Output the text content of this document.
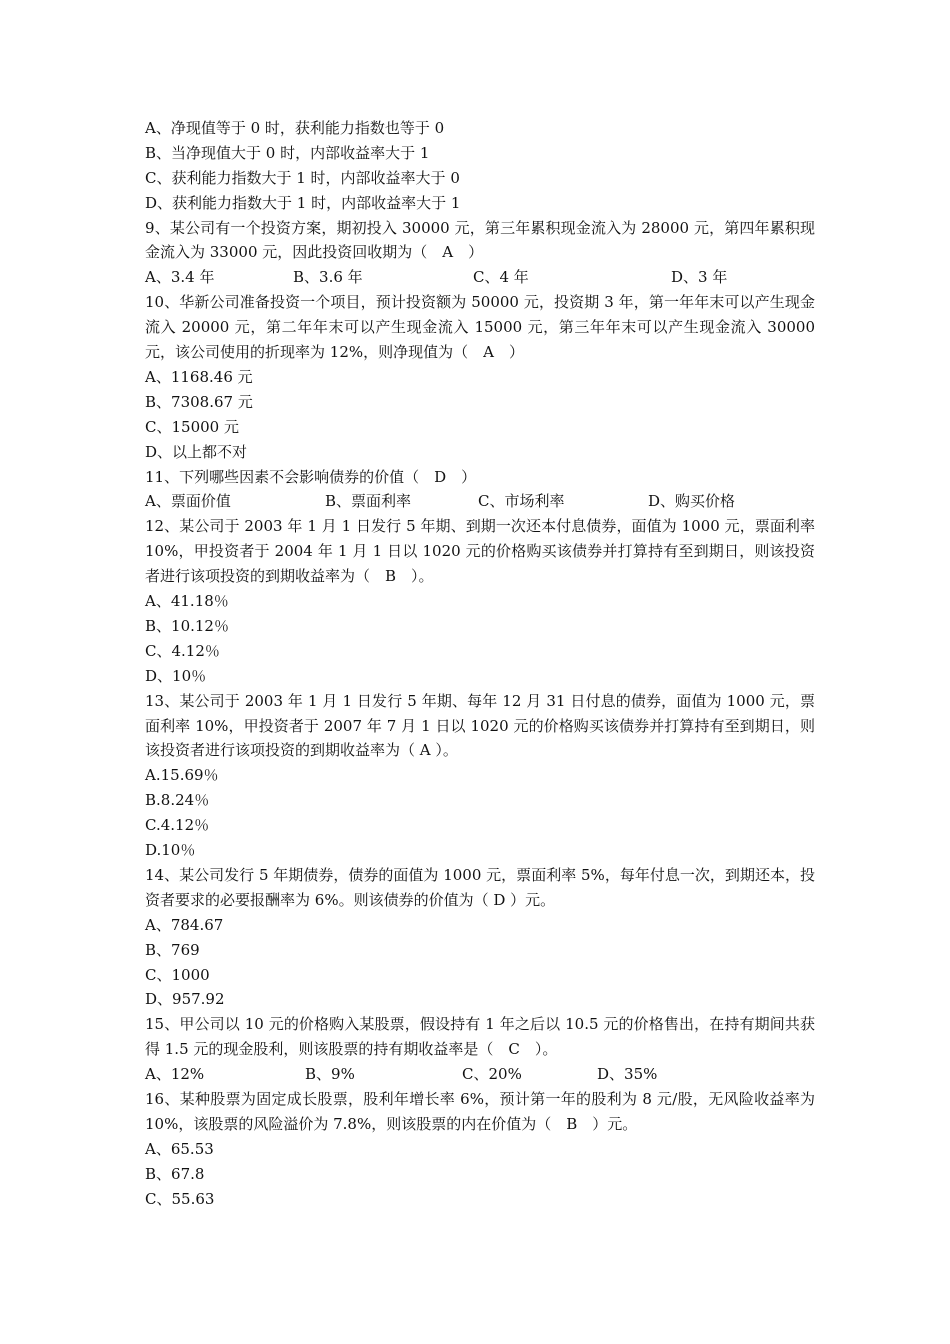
A、净现值等于 0 时，获利能力指数也等于 0
B、当净现值大于 0 时，内部收益率大于 1
C、获利能力指数大于 1 时，内部收益率大于 0
D、获利能力指数大于 1 时，内部收益率大于 1
9、某公司有一个投资方案，期初投入 30000 元，第三年累积现金流入为 28000 元，第四年累积现金流入为 33000 元，因此投资回收期为（　A　）
A、3.4 年	B、3.6 年	C、4 年	D、3 年
10、华新公司准备投资一个项目，预计投资额为 50000 元，投资期 3 年，第一年年末可以产生现金流入 20000 元，第二年年末可以产生现金流入 15000 元，第三年年末可以产生现金流入 30000 元，该公司使用的折现率为 12%，则净现值为（　A　）
A、1168.46 元
B、7308.67 元
C、15000 元
D、以上都不对
11、下列哪些因素不会影响债券的价值（　D　）
A、票面价值	B、票面利率	C、市场利率	D、购买价格
12、某公司于 2003 年 1 月 1 日发行 5 年期、到期一次还本付息债券，面值为 1000 元，票面利率 10%，甲投资者于 2004 年 1 月 1 日以 1020 元的价格购买该债券并打算持有至到期日，则该投资者进行该项投资的到期收益率为（　B　）。
A、41.18％
B、10.12％
C、4.12％
D、10％
13、某公司于 2003 年 1 月 1 日发行 5 年期、每年 12 月 31 日付息的债券，面值为 1000 元，票面利率 10%，甲投资者于 2007 年 7 月 1 日以 1020 元的价格购买该债券并打算持有至到期日，则该投资者进行该项投资的到期收益率为（ A ）。
A.15.69％
B.8.24％
C.4.12％
D.10％
14、某公司发行 5 年期债券，债券的面值为 1000 元，票面利率 5%，每年付息一次，到期还本，投资者要求的必要报酬率为 6%。则该债券的价值为（ D ）元。
A、784.67
B、769
C、1000
D、957.92
15、甲公司以 10 元的价格购入某股票，假设持有 1 年之后以 10.5 元的价格售出，在持有期间共获得 1.5 元的现金股利，则该股票的持有期收益率是（　C　）。
A、12%	B、9%	C、20%	D、35%
16、某种股票为固定成长股票，股利年增长率 6%，预计第一年的股利为 8 元/股，无风险收益率为 10%，该股票的风险溢价为 7.8%，则该股票的内在价值为（　B　）元。
A、65.53
B、67.8
C、55.63
